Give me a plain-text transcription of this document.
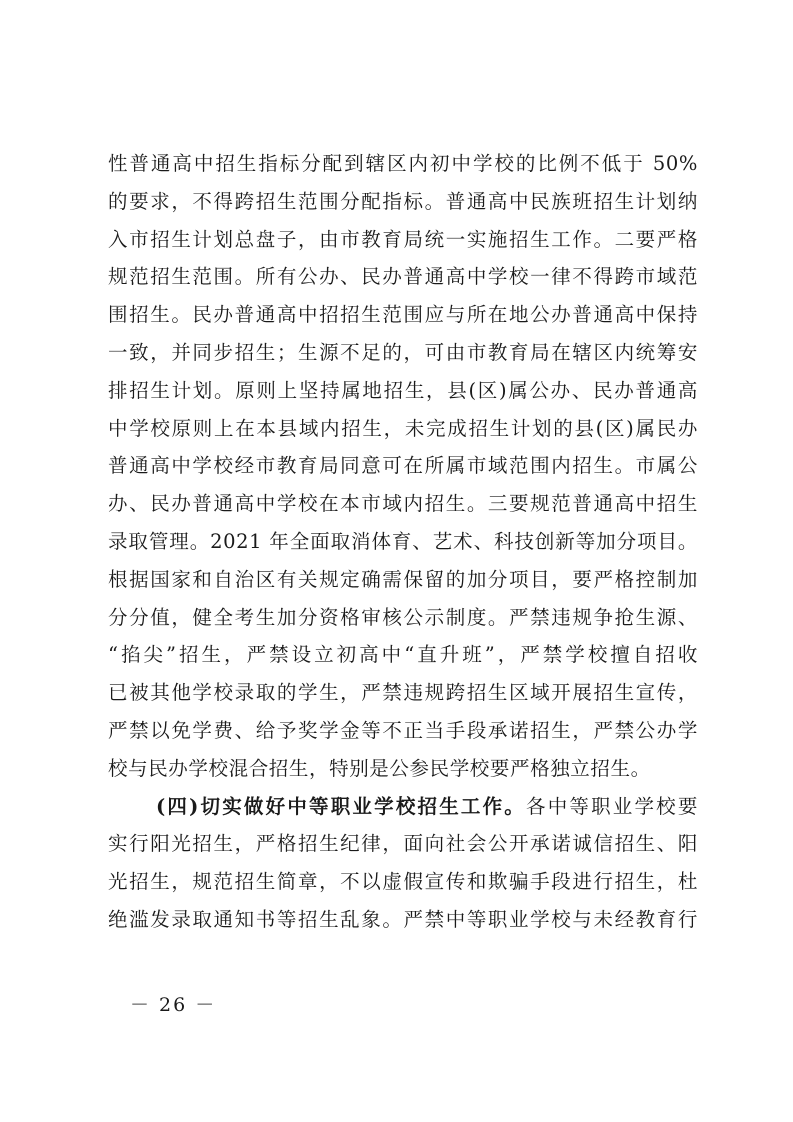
性普通高中招生指标分配到辖区内初中学校的比例不低于 50%
的要求，不得跨招生范围分配指标。普通高中民族班招生计划纳
入市招生计划总盘子，由市教育局统一实施招生工作。二要严格
规范招生范围。所有公办、民办普通高中学校一律不得跨市域范
围招生。民办普通高中招招生范围应与所在地公办普通高中保持
一致，并同步招生；生源不足的，可由市教育局在辖区内统筹安
排招生计划。原则上坚持属地招生，县(区)属公办、民办普通高
中学校原则上在本县域内招生，未完成招生计划的县(区)属民办
普通高中学校经市教育局同意可在所属市域范围内招生。市属公
办、民办普通高中学校在本市域内招生。三要规范普通高中招生
录取管理。2021 年全面取消体育、艺术、科技创新等加分项目。
根据国家和自治区有关规定确需保留的加分项目，要严格控制加
分分值，健全考生加分资格审核公示制度。严禁违规争抢生源、
“掐尖”招生，严禁设立初高中“直升班”，严禁学校擅自招收
已被其他学校录取的学生，严禁违规跨招生区域开展招生宣传，
严禁以免学费、给予奖学金等不正当手段承诺招生，严禁公办学
校与民办学校混合招生，特别是公参民学校要严格独立招生。
(四)切实做好中等职业学校招生工作。各中等职业学校要
实行阳光招生，严格招生纪律，面向社会公开承诺诚信招生、阳
光招生，规范招生简章，不以虚假宣传和欺骗手段进行招生，杜
绝滥发录取通知书等招生乱象。严禁中等职业学校与未经教育行
－ 26 －
